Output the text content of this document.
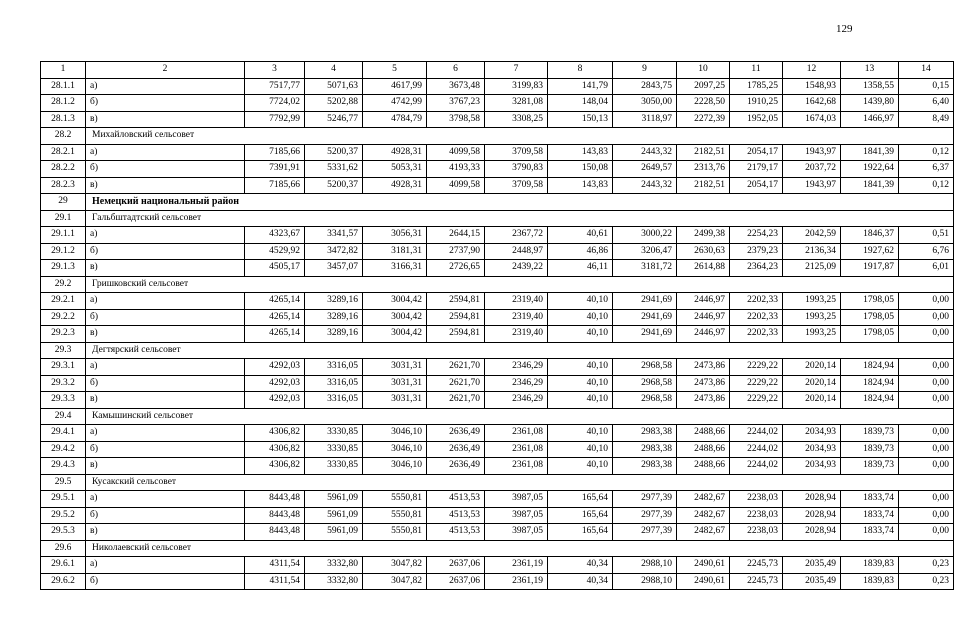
129
1	2	3	4	5	6	7	8	9	10	11	12	13	14
28.1.1	а)	7517,77	5071,63	4617,99	3673,48	3199,83	141,79	2843,75	2097,25	1785,25	1548,93	1358,55	0,15
28.1.2	б)	7724,02	5202,88	4742,99	3767,23	3281,08	148,04	3050,00	2228,50	1910,25	1642,68	1439,80	6,40
28.1.3	в)	7792,99	5246,77	4784,79	3798,58	3308,25	150,13	3118,97	2272,39	1952,05	1674,03	1466,97	8,49
28.2	Михайловский сельсовет												
28.2.1	а)	7185,66	5200,37	4928,31	4099,58	3709,58	143,83	2443,32	2182,51	2054,17	1943,97	1841,39	0,12
28.2.2	б)	7391,91	5331,62	5053,31	4193,33	3790,83	150,08	2649,57	2313,76	2179,17	2037,72	1922,64	6,37
28.2.3	в)	7185,66	5200,37	4928,31	4099,58	3709,58	143,83	2443,32	2182,51	2054,17	1943,97	1841,39	0,12
29	Немецкий национальный район												
29.1	Гальбштадтский сельсовет												
29.1.1	а)	4323,67	3341,57	3056,31	2644,15	2367,72	40,61	3000,22	2499,38	2254,23	2042,59	1846,37	0,51
29.1.2	б)	4529,92	3472,82	3181,31	2737,90	2448,97	46,86	3206,47	2630,63	2379,23	2136,34	1927,62	6,76
29.1.3	в)	4505,17	3457,07	3166,31	2726,65	2439,22	46,11	3181,72	2614,88	2364,23	2125,09	1917,87	6,01
29.2	Гришковский сельсовет												
29.2.1	а)	4265,14	3289,16	3004,42	2594,81	2319,40	40,10	2941,69	2446,97	2202,33	1993,25	1798,05	0,00
29.2.2	б)	4265,14	3289,16	3004,42	2594,81	2319,40	40,10	2941,69	2446,97	2202,33	1993,25	1798,05	0,00
29.2.3	в)	4265,14	3289,16	3004,42	2594,81	2319,40	40,10	2941,69	2446,97	2202,33	1993,25	1798,05	0,00
29.3	Дегтярский сельсовет												
29.3.1	а)	4292,03	3316,05	3031,31	2621,70	2346,29	40,10	2968,58	2473,86	2229,22	2020,14	1824,94	0,00
29.3.2	б)	4292,03	3316,05	3031,31	2621,70	2346,29	40,10	2968,58	2473,86	2229,22	2020,14	1824,94	0,00
29.3.3	в)	4292,03	3316,05	3031,31	2621,70	2346,29	40,10	2968,58	2473,86	2229,22	2020,14	1824,94	0,00
29.4	Камышинский сельсовет												
29.4.1	а)	4306,82	3330,85	3046,10	2636,49	2361,08	40,10	2983,38	2488,66	2244,02	2034,93	1839,73	0,00
29.4.2	б)	4306,82	3330,85	3046,10	2636,49	2361,08	40,10	2983,38	2488,66	2244,02	2034,93	1839,73	0,00
29.4.3	в)	4306,82	3330,85	3046,10	2636,49	2361,08	40,10	2983,38	2488,66	2244,02	2034,93	1839,73	0,00
29.5	Кусакский сельсовет												
29.5.1	а)	8443,48	5961,09	5550,81	4513,53	3987,05	165,64	2977,39	2482,67	2238,03	2028,94	1833,74	0,00
29.5.2	б)	8443,48	5961,09	5550,81	4513,53	3987,05	165,64	2977,39	2482,67	2238,03	2028,94	1833,74	0,00
29.5.3	в)	8443,48	5961,09	5550,81	4513,53	3987,05	165,64	2977,39	2482,67	2238,03	2028,94	1833,74	0,00
29.6	Николаевский сельсовет												
29.6.1	а)	4311,54	3332,80	3047,82	2637,06	2361,19	40,34	2988,10	2490,61	2245,73	2035,49	1839,83	0,23
29.6.2	б)	4311,54	3332,80	3047,82	2637,06	2361,19	40,34	2988,10	2490,61	2245,73	2035,49	1839,83	0,23
